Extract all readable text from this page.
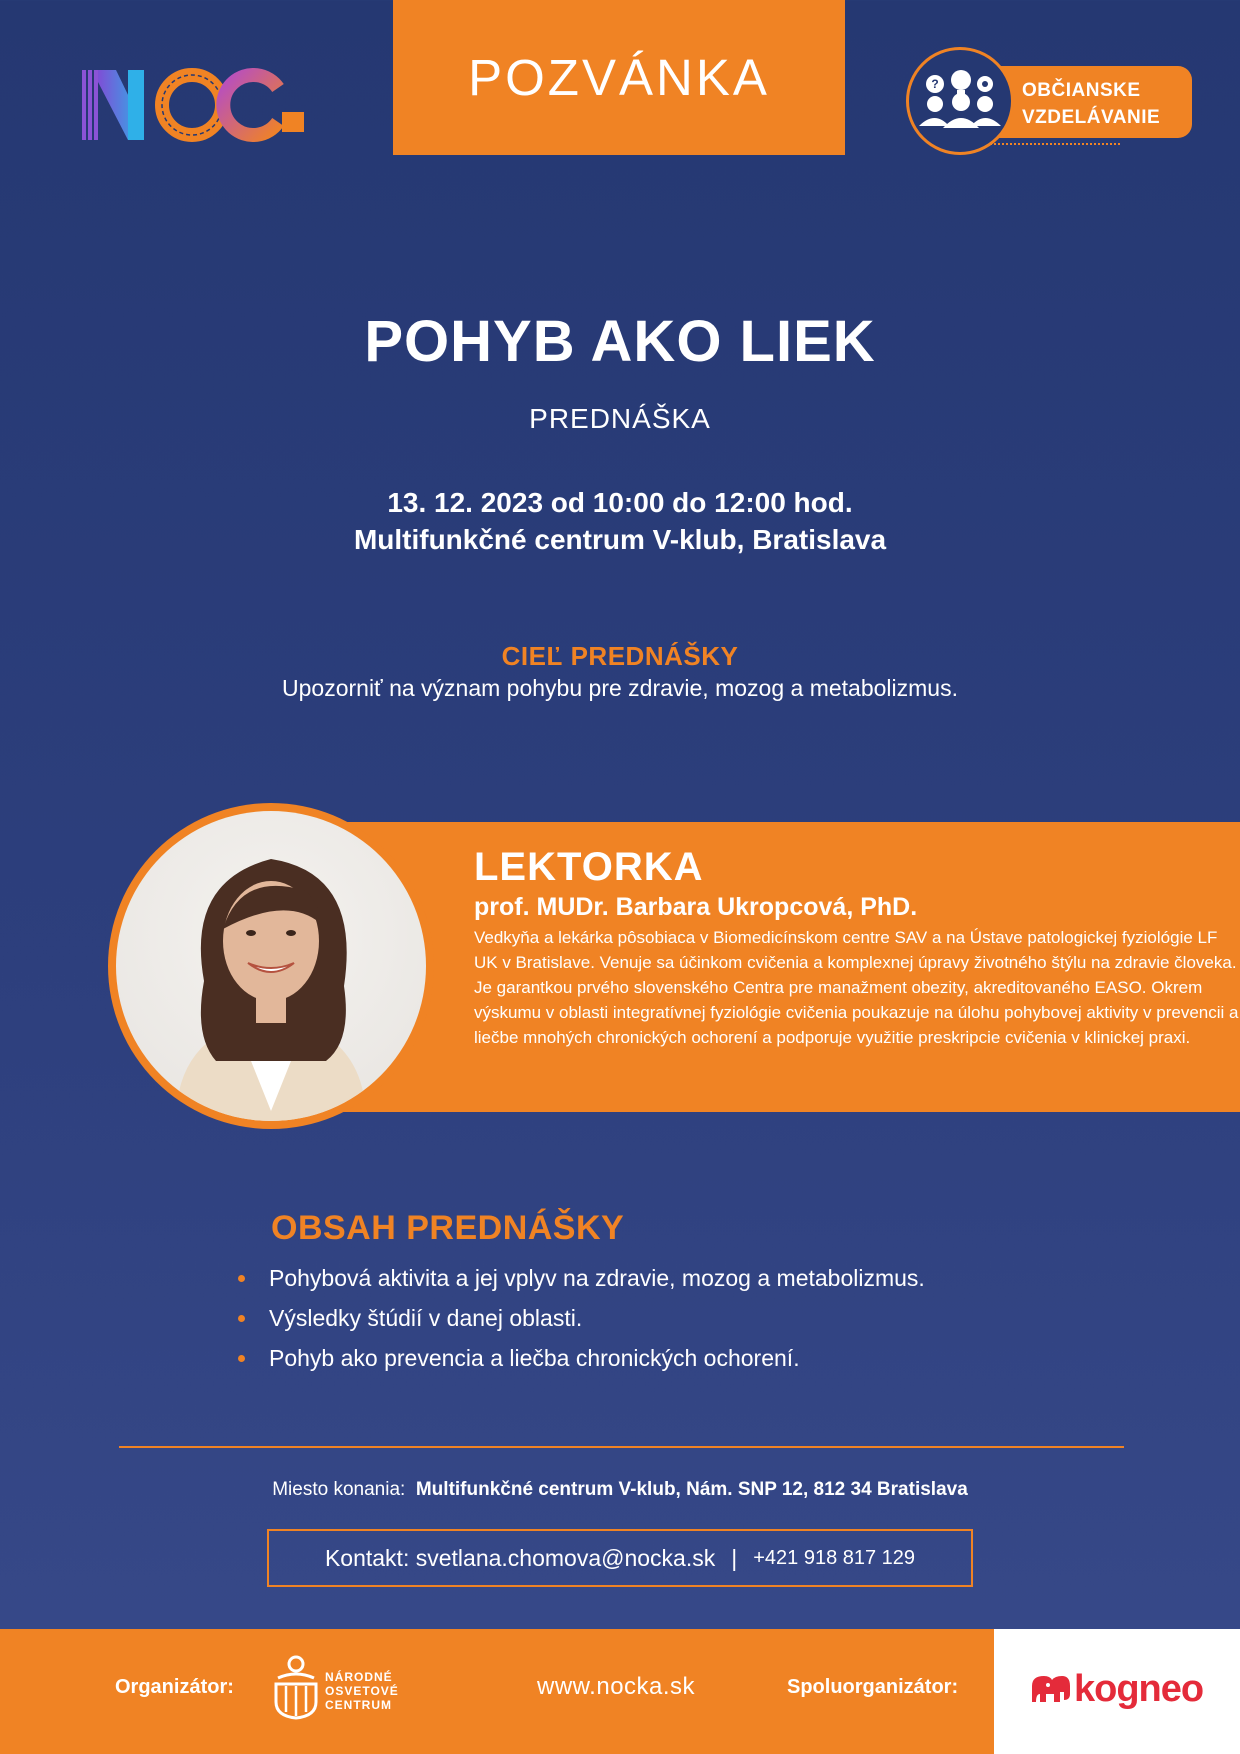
POZVÁNKA	?	OBČIANSKE
VZDELÁVANIE
POHYB AKO LIEK
PREDNÁŠKA
13. 12. 2023 od 10:00 do 12:00 hod.
Multifunkčné centrum V-klub, Bratislava
CIEĽ PREDNÁŠKY
Upozorniť na význam pohybu pre zdravie, mozog a metabolizmus.
LEKTORKA
prof. MUDr. Barbara Ukropcová, PhD.
Vedkyňa a lekárka pôsobiaca v Biomedicínskom centre SAV a na Ústave patologickej fyziológie LF UK v Bratislave. Venuje sa účinkom cvičenia a komplexnej úpravy životného štýlu na zdravie človeka. Je garantkou prvého slovenského Centra pre manažment obezity, akreditovaného EASO. Okrem výskumu v oblasti integratívnej fyziológie cvičenia poukazuje na úlohu pohybovej aktivity v prevencii a liečbe mnohých chronických ochorení a podporuje využitie preskripcie cvičenia v klinickej praxi.
OBSAH PREDNÁŠKY
Pohybová aktivita a jej vplyv na zdravie, mozog a metabolizmus.
Výsledky štúdií v danej oblasti.
Pohyb ako prevencia a liečba chronických ochorení.
Miesto konania: Multifunkčné centrum V-klub, Nám. SNP 12, 812 34 Bratislava
Kontakt:
svetlana.chomova@nocka.sk | +421 918 817 129
Organizátor:	NÁRODNÉ
OSVETOVÉ
CENTRUM
www.nocka.sk	Spoluorganizátor:	kogneo
